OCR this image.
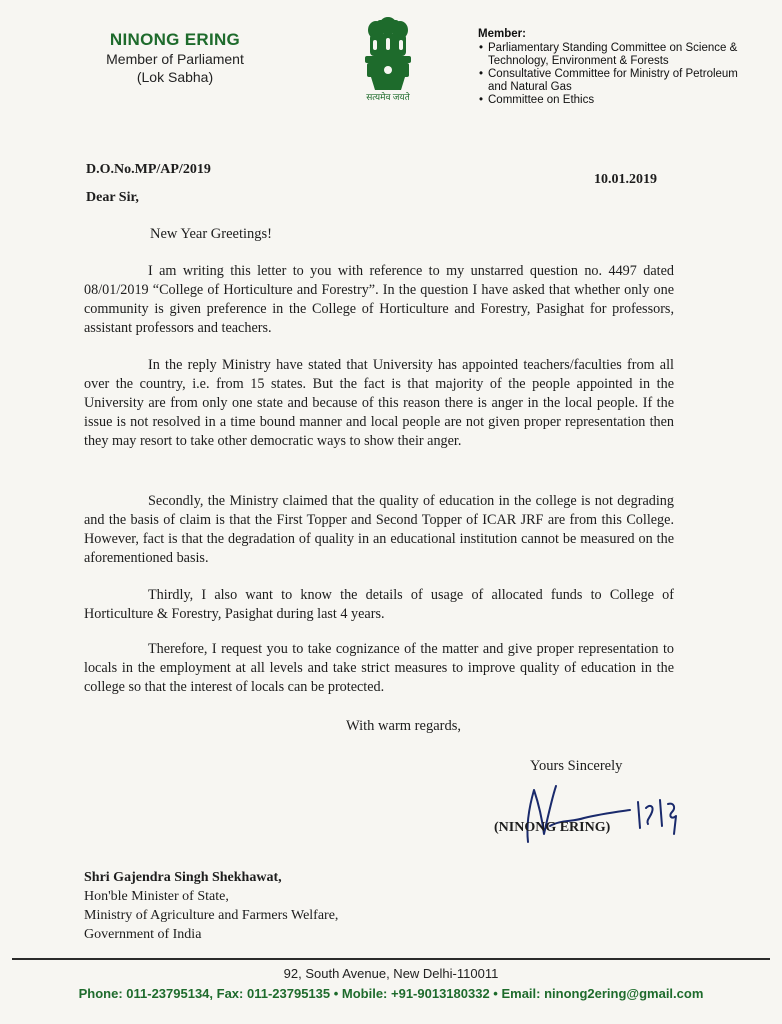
NINONG ERING
Member of Parliament
(Lok Sabha)
सत्यमेव जयते
Member:
• Parliamentary Standing Committee on Science & Technology, Environment & Forests
• Consultative Committee for Ministry of Petroleum and Natural Gas
• Committee on Ethics
D.O.No.MP/AP/2019
10.01.2019
Dear Sir,
New Year Greetings!
I am writing this letter to you with reference to my unstarred question no. 4497 dated 08/01/2019 “College of Horticulture and Forestry”. In the question I have asked that whether only one community is given preference in the College of Horticulture and Forestry, Pasighat for professors, assistant professors and teachers.
In the reply Ministry have stated that University has appointed teachers/faculties from all over the country, i.e. from 15 states. But the fact is that majority of the people appointed in the University are from only one state and because of this reason there is anger in the local people. If the issue is not resolved in a time bound manner and local people are not given proper representation then they may resort to take other democratic ways to show their anger.
Secondly, the Ministry claimed that the quality of education in the college is not degrading and the basis of claim is that the First Topper and Second Topper of ICAR JRF are from this College. However, fact is that the degradation of quality in an educational institution cannot be measured on the aforementioned basis.
Thirdly, I also want to know the details of usage of allocated funds to College of Horticulture & Forestry, Pasighat during last 4 years.
Therefore, I request you to take cognizance of the matter and give proper representation to locals in the employment at all levels and take strict measures to improve quality of education in the college so that the interest of locals can be protected.
With warm regards,
Yours Sincerely
(NINONG ERING)
Shri Gajendra Singh Shekhawat,
Hon'ble Minister of State,
Ministry of Agriculture and Farmers Welfare,
Government of India
92, South Avenue, New Delhi-110011
Phone: 011-23795134, Fax: 011-23795135 • Mobile: +91-9013180332 • Email: ninong2ering@gmail.com
